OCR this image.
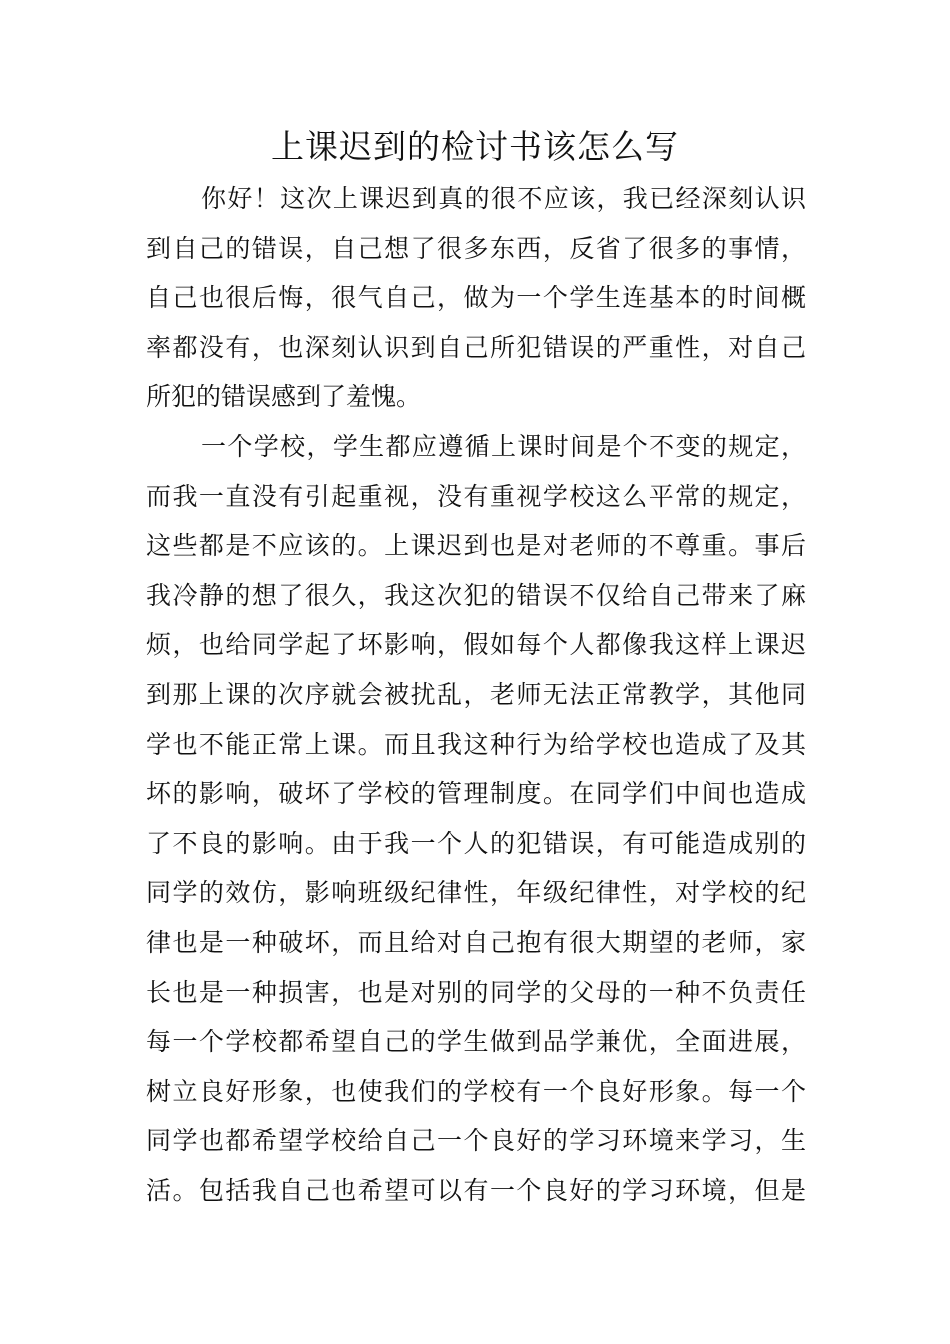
上课迟到的检讨书该怎么写
你好！这次上课迟到真的很不应该，我已经深刻认识
到自己的错误，自己想了很多东西，反省了很多的事情，
自己也很后悔，很气自己，做为一个学生连基本的时间概
率都没有，也深刻认识到自己所犯错误的严重性，对自己
所犯的错误感到了羞愧。
一个学校，学生都应遵循上课时间是个不变的规定，
而我一直没有引起重视，没有重视学校这么平常的规定，
这些都是不应该的。上课迟到也是对老师的不尊重。事后
我冷静的想了很久，我这次犯的错误不仅给自己带来了麻
烦，也给同学起了坏影响，假如每个人都像我这样上课迟
到那上课的次序就会被扰乱，老师无法正常教学，其他同
学也不能正常上课。而且我这种行为给学校也造成了及其
坏的影响，破坏了学校的管理制度。在同学们中间也造成
了不良的影响。由于我一个人的犯错误，有可能造成别的
同学的效仿，影响班级纪律性，年级纪律性，对学校的纪
律也是一种破坏，而且给对自己抱有很大期望的老师，家
长也是一种损害，也是对别的同学的父母的一种不负责任
每一个学校都希望自己的学生做到品学兼优，全面进展，
树立良好形象，也使我们的学校有一个良好形象。每一个
同学也都希望学校给自己一个良好的学习环境来学习，生
活。包括我自己也希望可以有一个良好的学习环境，但是
